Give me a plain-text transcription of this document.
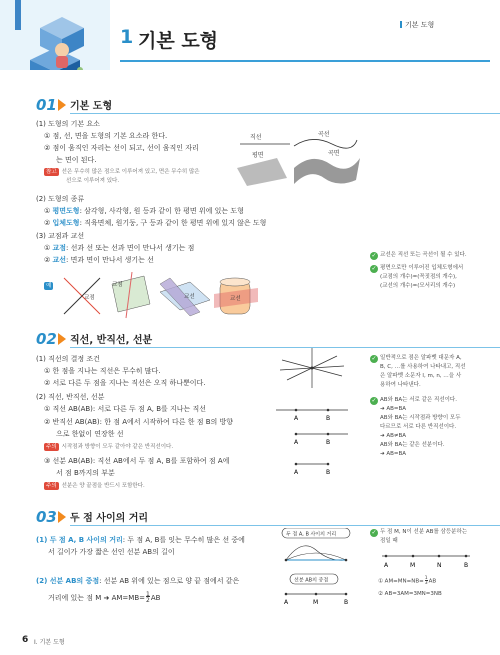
1 기본 도형
기본 도형
01 기본 도형
(1) 도형의 기본 요소
① 점, 선, 면을 도형의 기본 요소라 한다.
② 점이 움직인 자리는 선이 되고, 선이 움직인 자리
는 면이 된다.
참고 선은 무수히 많은 점으로 이루어져 있고, 면은 무수히 많은
선으로 이루어져 있다.
직선	곡선
평면	곡면
(2) 도형의 종류
① 평면도형: 삼각형, 사각형, 원 등과 같이 한 평면 위에 있는 도형
② 입체도형: 직육면체, 원기둥, 구 등과 같이 한 평면 위에 있지 않은 도형
(3) 교점과 교선
① 교점: 선과 선 또는 선과 면이 만나서 생기는 점
② 교선: 면과 면이 만나서 생기는 선
예
교점
교점
교선	교선
✓ 교선은 직선 또는 곡선이 될 수 있다.
✓ 평면으로만 이루어진 입체도형에서
(교점의 개수)=(꼭짓점의 개수),
(교선의 개수)=(모서리의 개수)
02 직선, 반직선, 선분
(1) 직선의 결정 조건
① 한 점을 지나는 직선은 무수히 많다.
② 서로 다른 두 점을 지나는 직선은 오직 하나뿐이다.
(2) 직선, 반직선, 선분
① 직선 AB(AB): 서로 다른 두 점 A, B를 지나는 직선
② 반직선 AB(AB): 한 점 A에서 시작하여 다른 한 점 B의 방향
으로 한없이 연장한 선
주의 시작점과 방향이 모두 같아야 같은 반직선이다.
③ 선분 AB(AB): 직선 AB에서 두 점 A, B를 포함하여 점 A에
서 점 B까지의 부분
주의 선분은 양 끝점을 반드시 포함한다.
A	B
A	B
A	B
✓ 일반적으로 점은 알파벳 대문자 A,
B, C, …를 사용하여 나타내고, 직선
은 알파벳 소문자 l, m, n, …을 사
용하여 나타낸다.
✓ AB와 BA는 서로 같은 직선이다.
➜ AB=BA
AB와 BA는 시작점과 방향이 모두
다르므로 서로 다른 반직선이다.
➜ AB≠BA
AB와 BA는 같은 선분이다.
➜ AB=BA
03 두 점 사이의 거리
(1) 두 점 A, B 사이의 거리: 두 점 A, B를 잇는 무수히 많은 선 중에
서 길이가 가장 짧은 선인 선분 AB의 길이
(2) 선분 AB의 중점: 선분 AB 위에 있는 점으로 양 끝 점에서 같은
거리에 있는 점 M ➜ AM=MB=1
2AB
두 점 A, B 사이의 거리
선분 AB의 중점
A	M	B
✓ 두 점 M, N이 선분 AB를 삼등분하는
점일 때
A	M	N	B
① $AM=MN=NB=\frac{1}{3}AB$
② AB=3AM=3MN=3NB
6 I. 기본 도형
